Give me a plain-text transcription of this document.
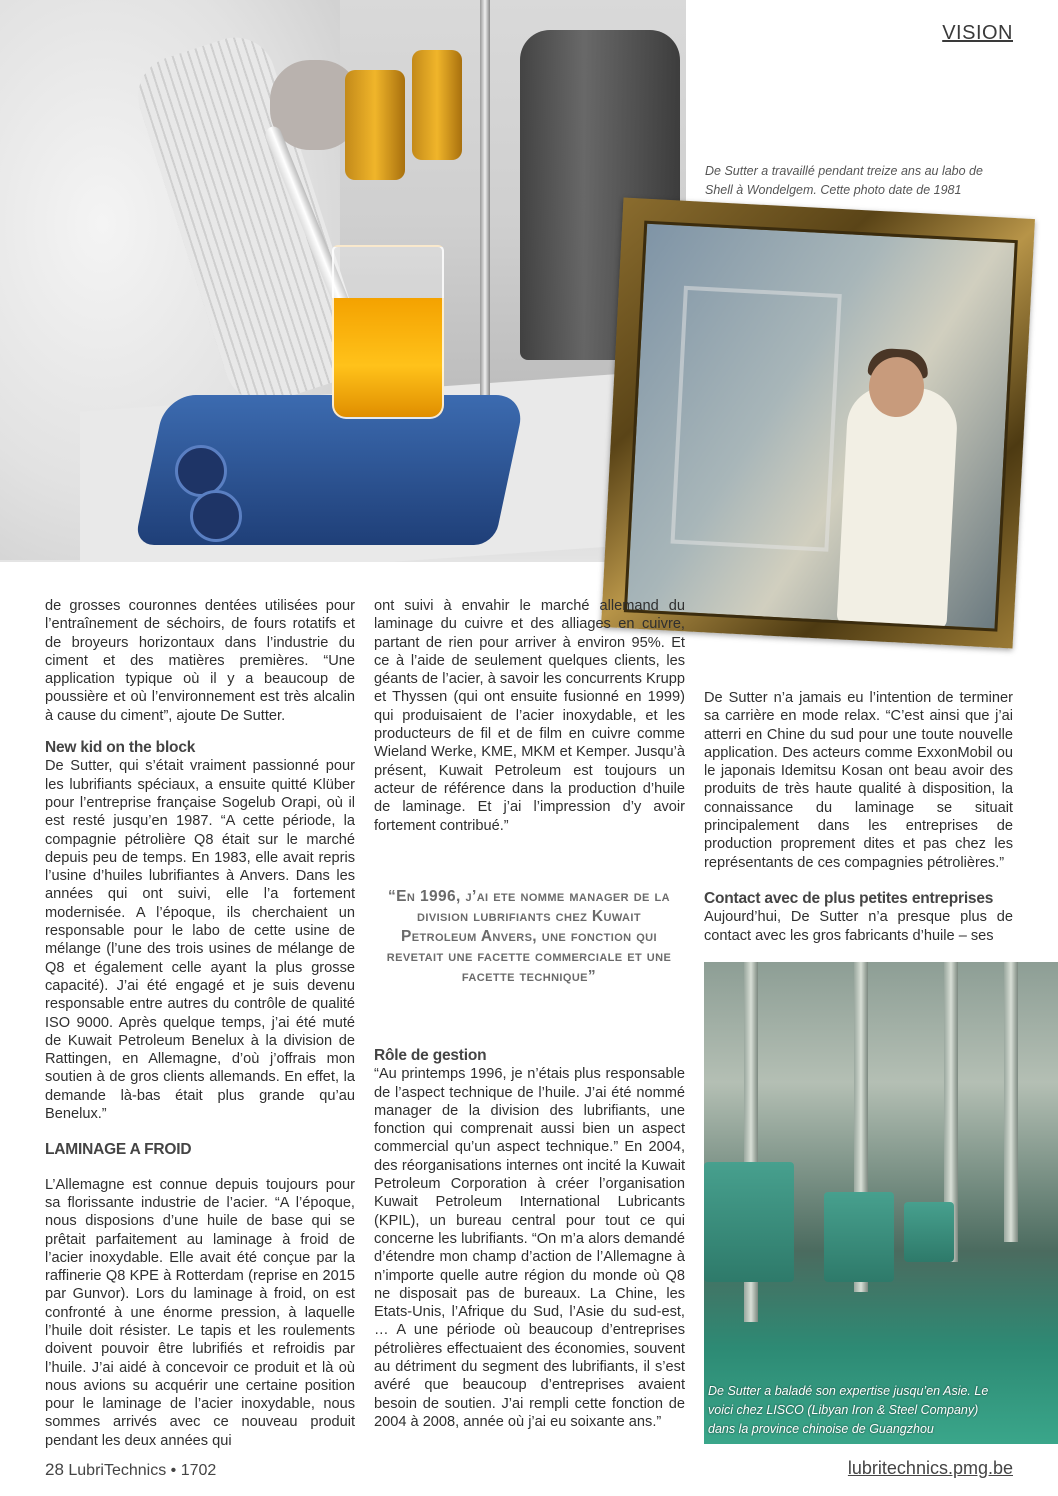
VISION
De Sutter a travaillé pendant treize ans au labo de Shell à Wondelgem. Cette photo date de 1981

de grosses couronnes dentées utilisées pour l’entraînement de séchoirs, de fours rotatifs et de broyeurs horizontaux dans l’industrie du ciment et des matières premières. “Une application typique où il y a beaucoup de poussière et où l’environnement est très alcalin à cause du ciment”, ajoute De Sutter.

New kid on the block

De Sutter, qui s’était vraiment passionné pour les lubrifiants spéciaux, a ensuite quitté Klüber pour l’entreprise française Sogelub Orapi, où il est resté jusqu’en 1987. “A cette période, la compagnie pétrolière Q8 était sur le marché depuis peu de temps. En 1983, elle avait repris l’usine d’huiles lubrifiantes à Anvers. Dans les années qui ont suivi, elle l’a fortement modernisée. A l’époque, ils cherchaient un responsable pour le labo de cette usine de mélange (l’une des trois usines de mélange de Q8 et également celle ayant la plus grosse capacité). J’ai été engagé et je suis devenu responsable entre autres du contrôle de qualité ISO 9000. Après quelque temps, j’ai été muté de Kuwait Petroleum Benelux à la division de Rattingen, en Allemagne, d’où j’offrais mon soutien à de gros clients allemands. En effet, la demande là-bas était plus grande qu’au Benelux.”

LAMINAGE A FROID

L’Allemagne est connue depuis toujours pour sa florissante industrie de l’acier. “A l’époque, nous disposions d’une huile de base qui se prêtait parfaitement au laminage à froid de l’acier inoxydable. Elle avait été conçue par la raffinerie Q8 KPE à Rotterdam (reprise en 2015 par Gunvor). Lors du laminage à froid, on est confronté à une énorme pression, à laquelle l’huile doit résister. Le tapis et les roulements doivent pouvoir être lubrifiés et refroidis par l’huile. J’ai aidé à concevoir ce produit et là où nous avions su acquérir une certaine position pour le laminage de l’acier inoxydable, nous sommes arrivés avec ce nouveau produit pendant les deux années qui

ont suivi à envahir le marché allemand du laminage du cuivre et des alliages en cuivre, partant de rien pour arriver à environ 95%. Et ce à l’aide de seulement quelques clients, les géants de l’acier, à savoir les concurrents Krupp et Thyssen (qui ont ensuite fusionné en 1999) qui produisaient de l’acier inoxydable, et les producteurs de fil et de film en cuivre comme Wieland Werke, KME, MKM et Kemper. Jusqu’à présent, Kuwait Petroleum est toujours un acteur de référence dans la production d’huile de laminage. Et j’ai l’impression d’y avoir fortement contribué.”

“En 1996, j’ai ete nomme manager de la division lubrifiants chez Kuwait Petroleum Anvers, une fonction qui revetait une facette commerciale et une facette technique”

Rôle de gestion

“Au printemps 1996, je n’étais plus responsable de l’aspect technique de l’huile. J’ai été nommé manager de la division des lubrifiants, une fonction qui comprenait aussi bien un aspect commercial qu’un aspect technique.” En 2004, des réorganisations internes ont incité la Kuwait Petroleum Corporation à créer l’organisation Kuwait Petroleum International Lubricants (KPIL), un bureau central pour tout ce qui concerne les lubrifiants. “On m’a alors demandé d’étendre mon champ d’action de l’Allemagne à n’importe quelle autre région du monde où Q8 ne disposait pas de bureaux. La Chine, les Etats-Unis, l’Afrique du Sud, l’Asie du sud-est, … A une période où beaucoup d’entreprises pétrolières effectuaient des économies, souvent au détriment du segment des lubrifiants, il s’est avéré que beaucoup d’entreprises avaient besoin de soutien. J’ai rempli cette fonction de 2004 à 2008, année où j’ai eu soixante ans.”

De Sutter n’a jamais eu l’intention de terminer sa carrière en mode relax. “C’est ainsi que j’ai atterri en Chine du sud pour une toute nouvelle application. Des acteurs comme ExxonMobil ou le japonais Idemitsu Kosan ont beau avoir des produits de très haute qualité à disposition, la connaissance du laminage se situait principalement dans les entreprises de production proprement dites et pas chez les représentants de ces compagnies pétrolières.”

Contact avec de plus petites entreprises

Aujourd’hui, De Sutter n’a presque plus de contact avec les gros fabricants d’huile – ses

De Sutter a baladé son expertise jusqu’en Asie. Le voici chez LISCO (Libyan Iron & Steel Company) dans la province chinoise de Guangzhou
28 LubriTechnics • 1702	lubritechnics.pmg.be
